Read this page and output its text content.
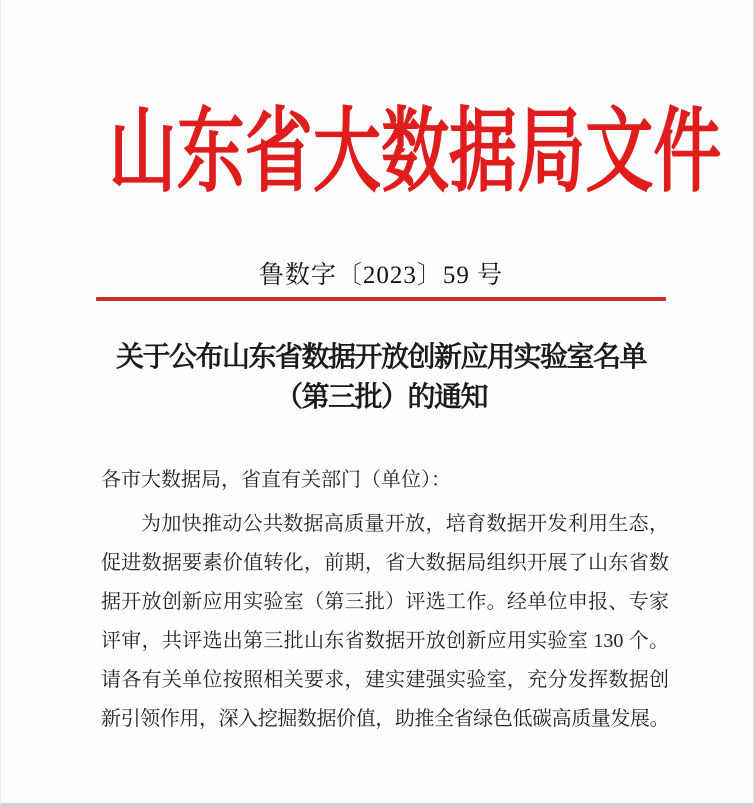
山东省大数据局文件
鲁数字〔2023〕59 号
关于公布山东省数据开放创新应用实验室名单
（第三批）的通知
各市大数据局，省直有关部门（单位）：
为加快推动公共数据高质量开放，培育数据开发利用生态，
促进数据要素价值转化，前期，省大数据局组织开展了山东省数
据开放创新应用实验室（第三批）评选工作。经单位申报、专家
评审，共评选出第三批山东省数据开放创新应用实验室 130 个。
请各有关单位按照相关要求，建实建强实验室，充分发挥数据创
新引领作用，深入挖掘数据价值，助推全省绿色低碳高质量发展。
